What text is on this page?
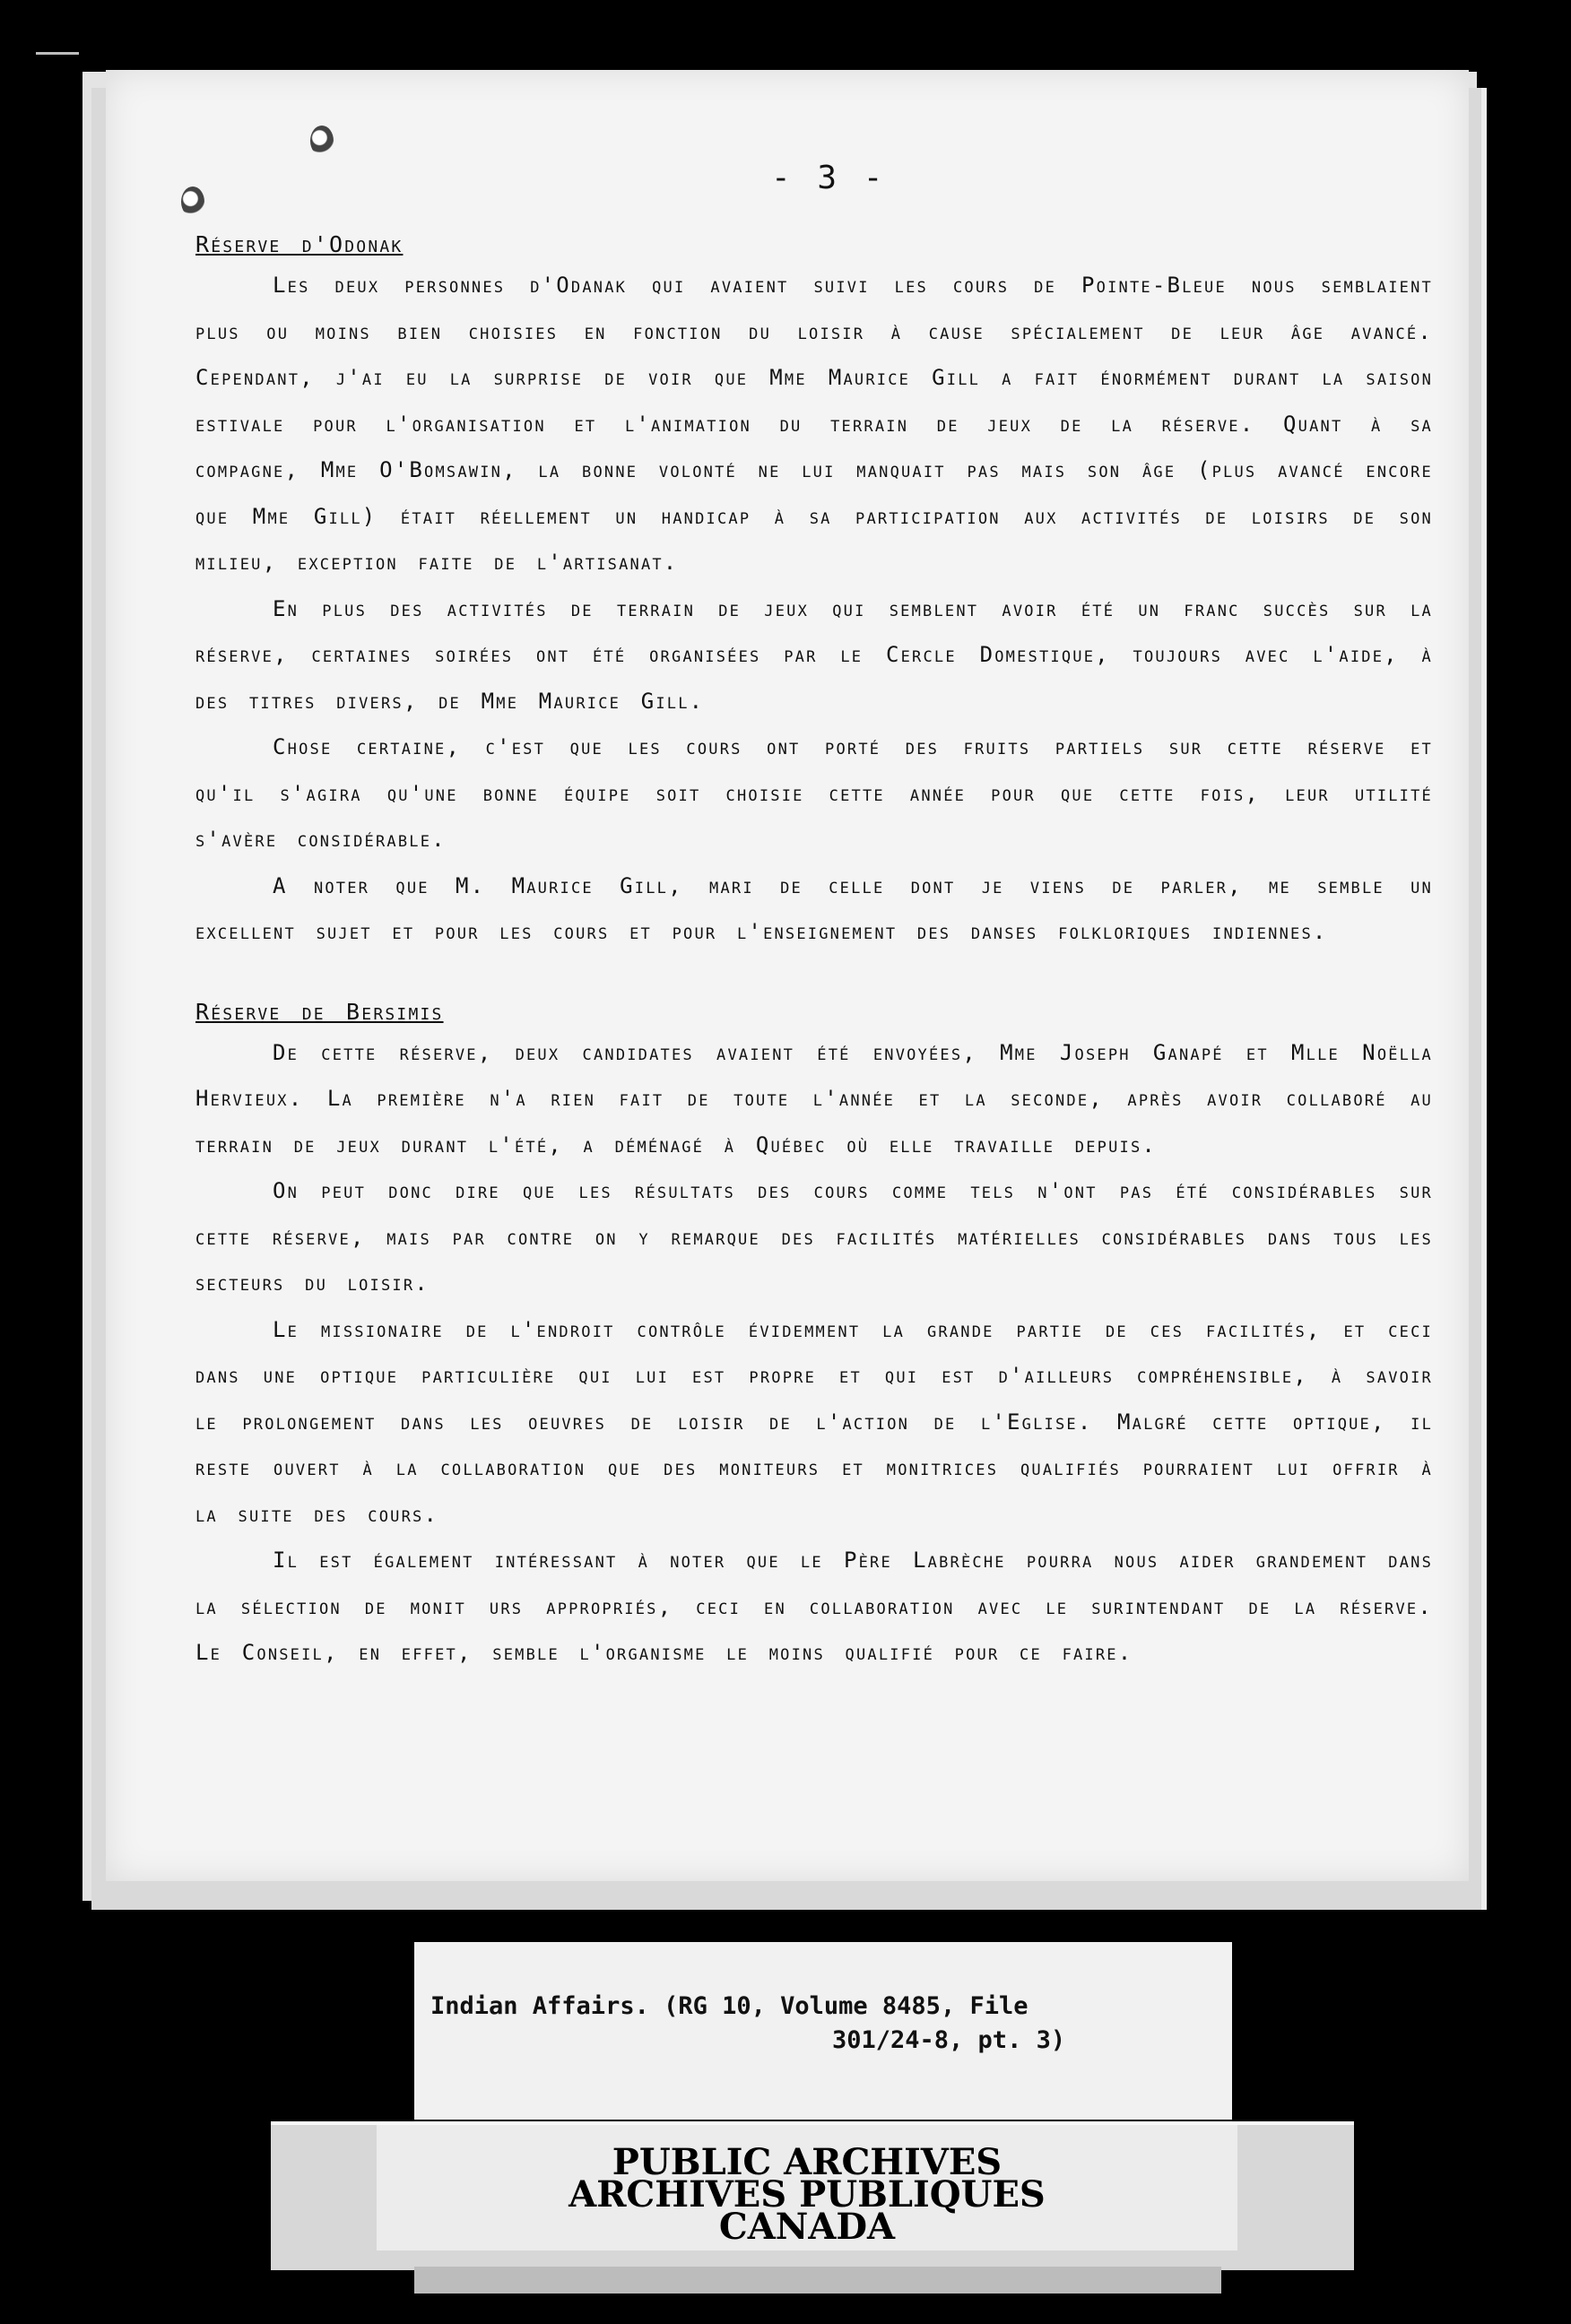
- 3 -

Réserve d'Odonak

Les deux personnes d'Odanak qui avaient suivi les cours de Pointe-Bleue nous semblaient plus ou moins bien choisies en fonction du loisir à cause spécialement de leur âge avancé. Cependant, j'ai eu la surprise de voir que Mme Maurice Gill a fait énormément durant la saison estivale pour l'organisation et l'animation du terrain de jeux de la réserve. Quant à sa compagne, Mme O'Bomsawin, la bonne volonté ne lui manquait pas mais son âge (plus avancé encore que Mme Gill) était réellement un handicap à sa participation aux activités de loisirs de son milieu, exception faite de l'artisanat.

En plus des activités de terrain de jeux qui semblent avoir été un franc succès sur la réserve, certaines soirées ont été organisées par le Cercle Domestique, toujours avec l'aide, à des titres divers, de Mme Maurice Gill.

Chose certaine, c'est que les cours ont porté des fruits partiels sur cette réserve et qu'il s'agira qu'une bonne équipe soit choisie cette année pour que cette fois, leur utilité s'avère considérable.

A noter que M. Maurice Gill, mari de celle dont je viens de parler, me semble un excellent sujet et pour les cours et pour l'enseignement des danses folkloriques indiennes.

Réserve de Bersimis

De cette réserve, deux candidates avaient été envoyées, Mme Joseph Ganapé et Mlle Noëlla Hervieux. La première n'a rien fait de toute l'année et la seconde, après avoir collaboré au terrain de jeux durant l'été, a déménagé à Québec où elle travaille depuis.

On peut donc dire que les résultats des cours comme tels n'ont pas été considérables sur cette réserve, mais par contre on y remarque des facilités matérielles considérables dans tous les secteurs du loisir.

Le missionaire de l'endroit contrôle évidemment la grande partie de ces facilités, et ceci dans une optique particulière qui lui est propre et qui est d'ailleurs compréhensible, à savoir le prolongement dans les oeuvres de loisir de l'action de l'Eglise. Malgré cette optique, il reste ouvert à la collaboration que des moniteurs et monitrices qualifiés pourraient lui offrir à la suite des cours.

Il est également intéressant à noter que le Père Labrèche pourra nous aider grandement dans la sélection de monit urs appropriés, ceci en collaboration avec le surintendant de la réserve. Le Conseil, en effet, semble l'organisme le moins qualifié pour ce faire.

Indian Affairs. (RG 10, Volume 8485, File
301/24-8, pt. 3)
PUBLIC ARCHIVES
ARCHIVES PUBLIQUES
CANADA
